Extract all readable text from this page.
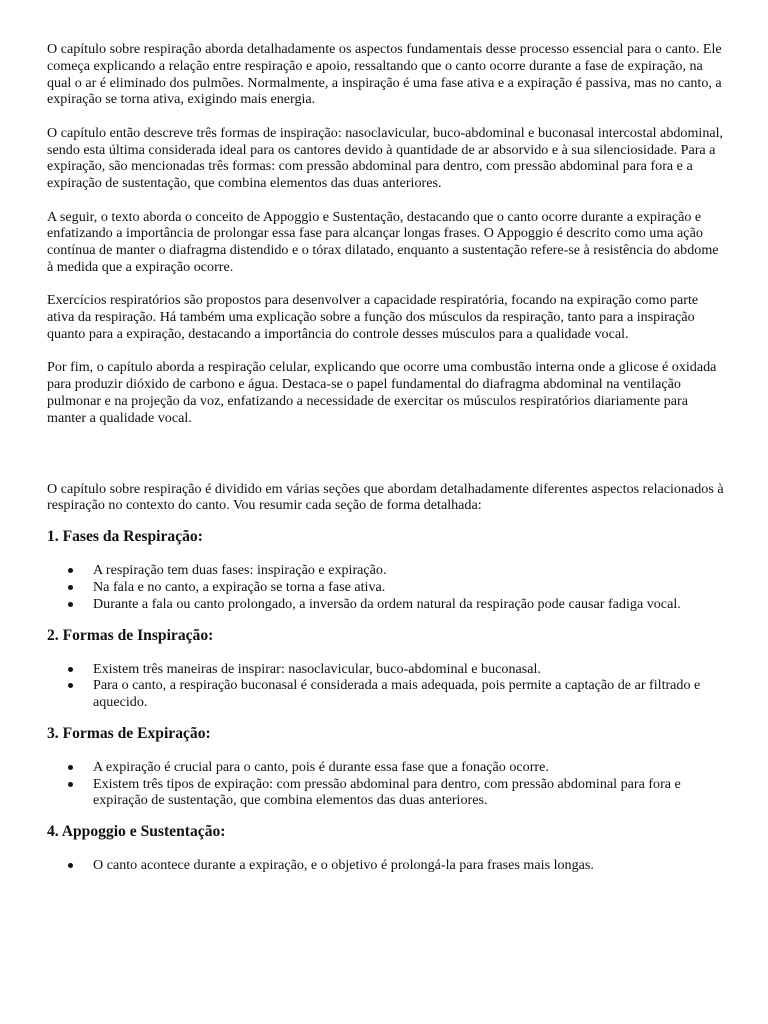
O capítulo sobre respiração aborda detalhadamente os aspectos fundamentais desse processo essencial para o canto. Ele começa explicando a relação entre respiração e apoio, ressaltando que o canto ocorre durante a fase de expiração, na qual o ar é eliminado dos pulmões. Normalmente, a inspiração é uma fase ativa e a expiração é passiva, mas no canto, a expiração se torna ativa, exigindo mais energia.

O capítulo então descreve três formas de inspiração: nasoclavicular, buco-abdominal e buconasal intercostal abdominal, sendo esta última considerada ideal para os cantores devido à quantidade de ar absorvido e à sua silenciosidade. Para a expiração, são mencionadas três formas: com pressão abdominal para dentro, com pressão abdominal para fora e a expiração de sustentação, que combina elementos das duas anteriores.

A seguir, o texto aborda o conceito de Appoggio e Sustentação, destacando que o canto ocorre durante a expiração e enfatizando a importância de prolongar essa fase para alcançar longas frases. O Appoggio é descrito como uma ação contínua de manter o diafragma distendido e o tórax dilatado, enquanto a sustentação refere-se à resistência do abdome à medida que a expiração ocorre.

Exercícios respiratórios são propostos para desenvolver a capacidade respiratória, focando na expiração como parte ativa da respiração. Há também uma explicação sobre a função dos músculos da respiração, tanto para a inspiração quanto para a expiração, destacando a importância do controle desses músculos para a qualidade vocal.

Por fim, o capítulo aborda a respiração celular, explicando que ocorre uma combustão interna onde a glicose é oxidada para produzir dióxido de carbono e água. Destaca-se o papel fundamental do diafragma abdominal na ventilação pulmonar e na projeção da voz, enfatizando a necessidade de exercitar os músculos respiratórios diariamente para manter a qualidade vocal.

O capítulo sobre respiração é dividido em várias seções que abordam detalhadamente diferentes aspectos relacionados à respiração no contexto do canto. Vou resumir cada seção de forma detalhada:

1. Fases da Respiração:
A respiração tem duas fases: inspiração e expiração.
Na fala e no canto, a expiração se torna a fase ativa.
Durante a fala ou canto prolongado, a inversão da ordem natural da respiração pode causar fadiga vocal.
2. Formas de Inspiração:
Existem três maneiras de inspirar: nasoclavicular, buco-abdominal e buconasal.
Para o canto, a respiração buconasal é considerada a mais adequada, pois permite a captação de ar filtrado e aquecido.
3. Formas de Expiração:
A expiração é crucial para o canto, pois é durante essa fase que a fonação ocorre.
Existem três tipos de expiração: com pressão abdominal para dentro, com pressão abdominal para fora e expiração de sustentação, que combina elementos das duas anteriores.
4. Appoggio e Sustentação:
O canto acontece durante a expiração, e o objetivo é prolongá-la para frases mais longas.
